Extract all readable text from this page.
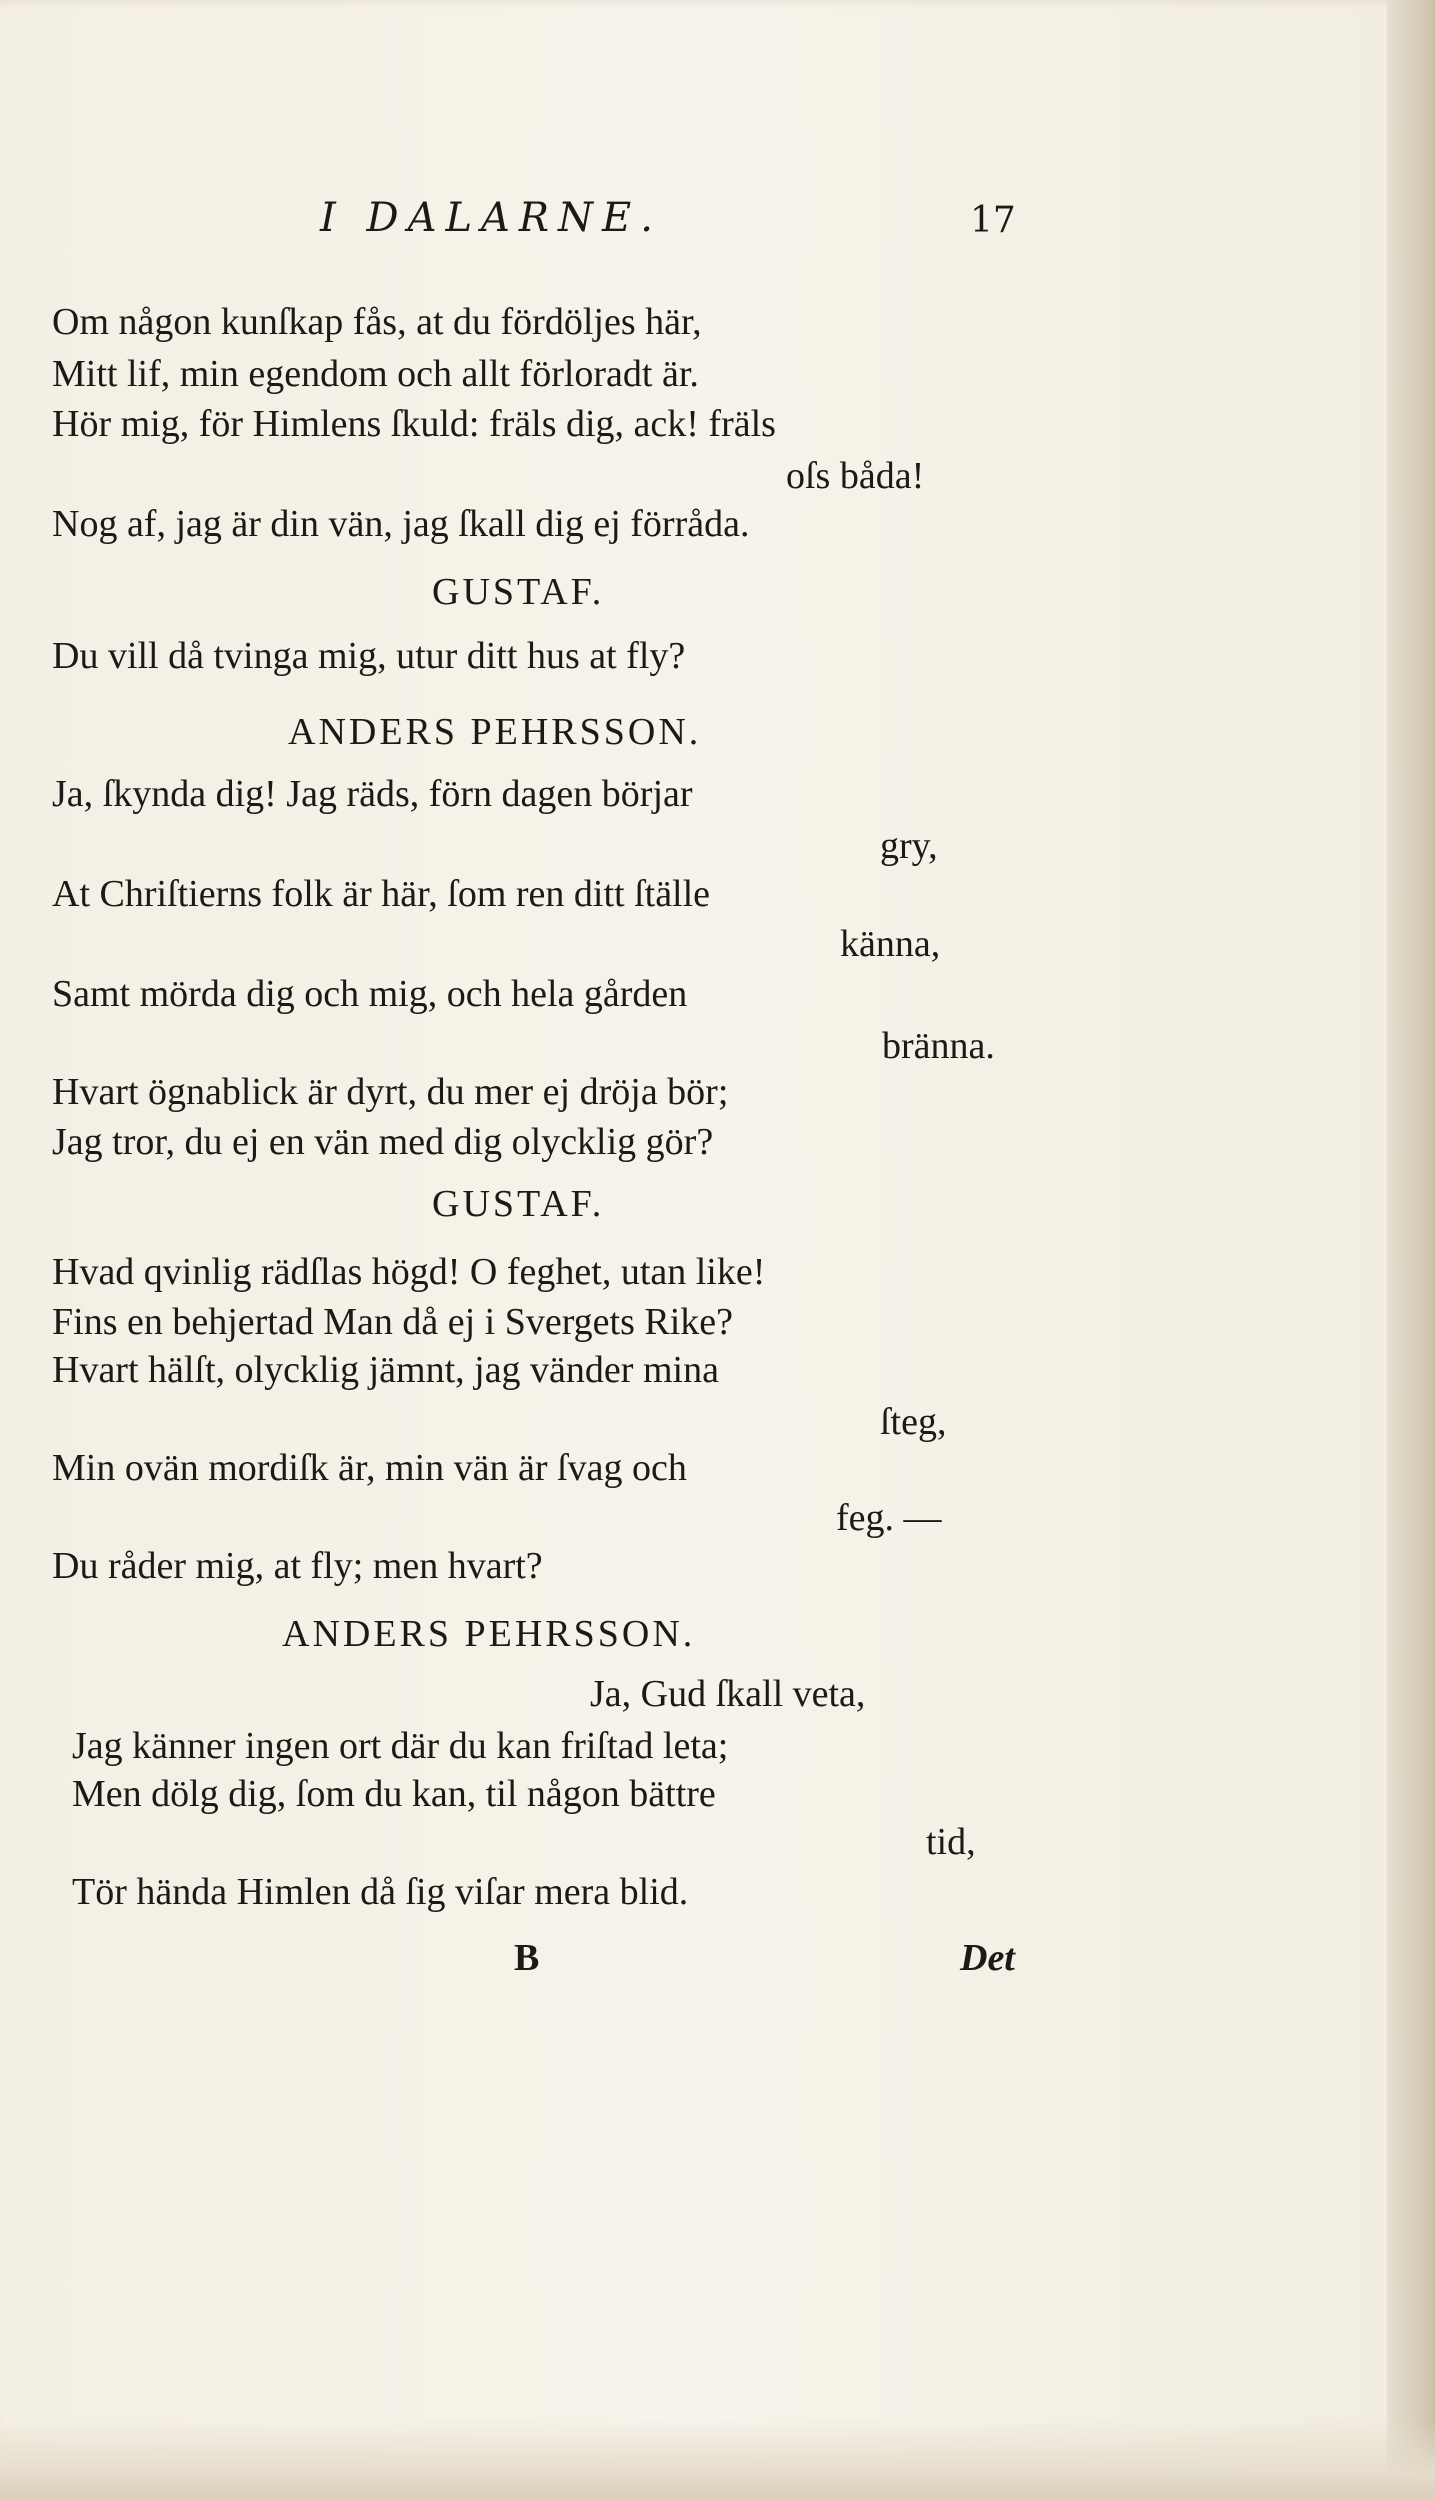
I DALARNE.	17
Om någon kunſkap fås, at du fördöljes här,
Mitt lif, min egendom och allt förloradt är.
Hör mig, för Himlens ſkuld: fräls dig, ack! fräls
oſs båda!
Nog af, jag är din vän, jag ſkall dig ej förråda.
GUSTAF.
Du vill då tvinga mig, utur ditt hus at fly?
ANDERS PEHRSSON.
Ja, ſkynda dig! Jag räds, förn dagen börjar
gry,
At Chriſtierns folk är här, ſom ren ditt ſtälle
känna,
Samt mörda dig och mig, och hela gården
bränna.
Hvart ögnablick är dyrt, du mer ej dröja bör;
Jag tror, du ej en vän med dig olycklig gör?
GUSTAF.
Hvad qvinlig rädſlas högd! O feghet, utan like!
Fins en behjertad Man då ej i Svergets Rike?
Hvart hälſt, olycklig jämnt, jag vänder mina
ſteg,
Min ovän mordiſk är, min vän är ſvag och
feg. —
Du råder mig, at fly; men hvart?
ANDERS PEHRSSON.
Ja, Gud ſkall veta,
Jag känner ingen ort där du kan friſtad leta;
Men dölg dig, ſom du kan, til någon bättre
tid,
Tör hända Himlen då ſig viſar mera blid.
B	Det
